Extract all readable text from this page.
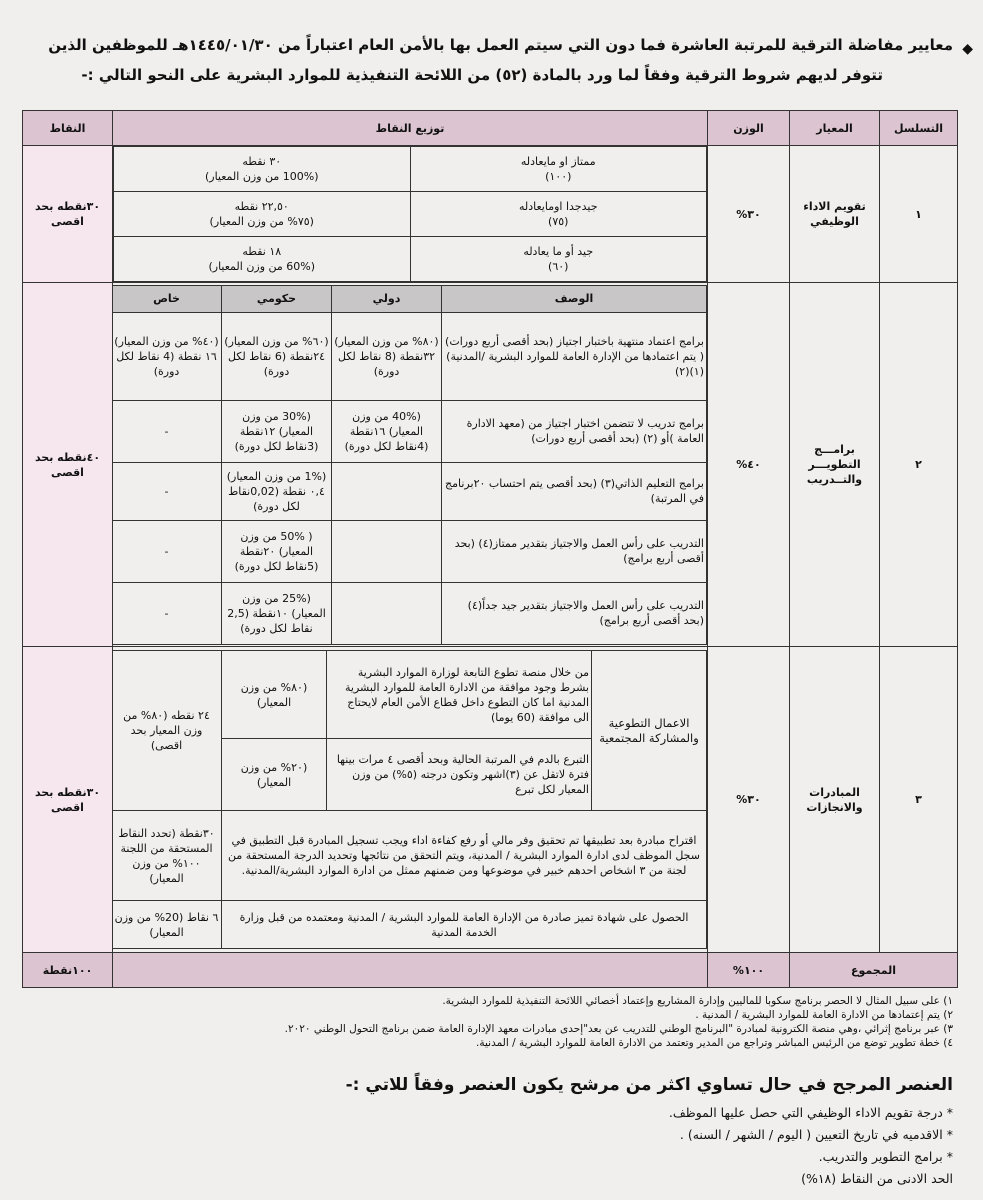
◆
معايير مفاضلة الترقية للمرتبة العاشرة فما دون التي سيتم العمل بها بالأمن العام اعتباراً من ١٤٤٥/٠١/٣٠هـ للموظفين الذين
تتوفر لديهم شروط الترقية وفقاً لما ورد بالمادة (٥٢) من اللائحة التنفيذية للموارد البشرية على النحو التالي :-
التسلسل	المعيار	الوزن	توزيع النقاط	النقاط
١	تقويم الاداء الوظيفي	٣٠%	
ممتاز او مايعادله
(١٠٠)	٣٠ نقطه
(100% من وزن المعيار)
جيدجدا اومايعادله
(٧٥)	٢٢,٥٠ نقطه
(٧٥% من وزن المعيار)
جيد أو ما يعادله
(٦٠)	١٨ نقطه
(60% من وزن المعيار)
	٣٠نقطه بحد اقصى
٢	برامـــج التطويـــر والتــدريب	٤٠%	
الوصف	دولي	حكومي	خاص
برامج اعتماد منتهية باختبار اجتياز (بحد أقصى أربع دورات) ( يتم اعتمادها من الإدارة العامة للموارد البشرية /المدنية) (١)(٢)	(٨٠% من وزن المعيار) ٣٢نقطة (8 نقاط لكل دورة)	(٦٠% من وزن المعيار) ٢٤نقطة (6 نقاط لكل دورة)	(٤٠% من وزن المعيار) ١٦ نقطة (4 نقاط لكل دورة)
برامج تدريب لا تتضمن اختبار اجتياز من (معهد الادارة العامة )أو (٢) (بحد أقصى أربع دورات)	(40% من وزن المعيار) ١٦نقطة (4نقاط لكل دورة)	(30% من وزن المعيار) ١٢نقطة (3نقاط لكل دورة)	-
برامج التعليم الذاتي(٣) (بحد أقصى يتم احتساب ٢٠برنامج في المرتبة)		(1% من وزن المعيار) ٠,٤ نقطة (0,02نقاط لكل دورة)	-
التدريب على رأس العمل والاجتياز بتقدير ممتاز(٤) (بحد أقصى أربع برامج)		( 50% من وزن المعيار) ٢٠نقطة (5نقاط لكل دورة)	-
التدريب على رأس العمل والاجتياز بتقدير جيد جداً(٤) (بحد أقصى أربع برامج)		(25% من وزن المعيار) ١٠نقطة (2,5 نقاط لكل دورة)	-
	٤٠نقطه بحد اقصى
٣	المبادرات والانجازات	٣٠%	
الاعمال التطوعية والمشاركة المجتمعية	من خلال منصة تطوع التابعة لوزارة الموارد البشرية بشرط وجود موافقة من الادارة العامة للموارد البشرية المدنية اما كان التطوع داخل قطاع الأمن العام لايحتاج الى موافقة (60 يوما)	(٨٠% من وزن المعيار)	٢٤ نقطه (٨٠% من وزن المعيار بحد اقصى)
التبرع بالدم في المرتبة الحالية وبحد أقصى ٤ مرات بينها فترة لاتقل عن (٣)اشهر وتكون درجته (٥%) من وزن المعيار لكل تبرع	(٢٠% من وزن المعيار)
اقتراح مبادرة بعد تطبيقها تم تحقيق وفر مالي أو رفع كفاءة اداء ويجب تسجيل المبادرة قبل التطبيق في سجل الموظف لدى ادارة الموارد البشرية / المدنية، ويتم التحقق من نتائجها وتحديد الدرجة المستحقة من لجنة من ٣ اشخاص احدهم خبير في موضوعها ومن ضمنهم ممثل من ادارة الموارد البشرية/المدنية.	٣٠نقطة (تحدد النقاط المستحقة من اللجنة ١٠٠% من وزن المعيار)
الحصول على شهادة تميز صادرة من الإدارة العامة للموارد البشرية / المدنية ومعتمده من قبل وزارة الخدمة المدنية	٦ نقاط (20% من وزن المعيار)
	٣٠نقطه بحد اقصى
المجموع	١٠٠%		١٠٠نقطة
١) على سبيل المثال لا الحصر برنامج سكوبا للماليين وإدارة المشاريع وإعتماد أخصائي اللائحة التنفيذية للموارد البشرية.
٢) يتم إعتمادها من الادارة العامة للموارد البشرية / المدنية .
٣) عبر برنامج إثرائي ،وهي منصة الكترونية لمبادرة "البرنامج الوطني للتدريب عن بعد"إحدى مبادرات معهد الإدارة العامة ضمن برنامج التحول الوطني ٢٠٢٠.
٤) خطة تطوير توضع من الرئيس المباشر وتراجع من المدير وتعتمد من الادارة العامة للموارد البشرية / المدنية.
العنصر المرجح في حال تساوي اكثر من مرشح يكون العنصر وفقاً للاتي :-
* درجة تقويم الاداء الوظيفي التي حصل عليها الموظف.
* الاقدميه في تاريخ التعيين ( اليوم / الشهر / السنه) .
* برامج التطوير والتدريب.
الحد الادنى من النقاط (١٨%)
